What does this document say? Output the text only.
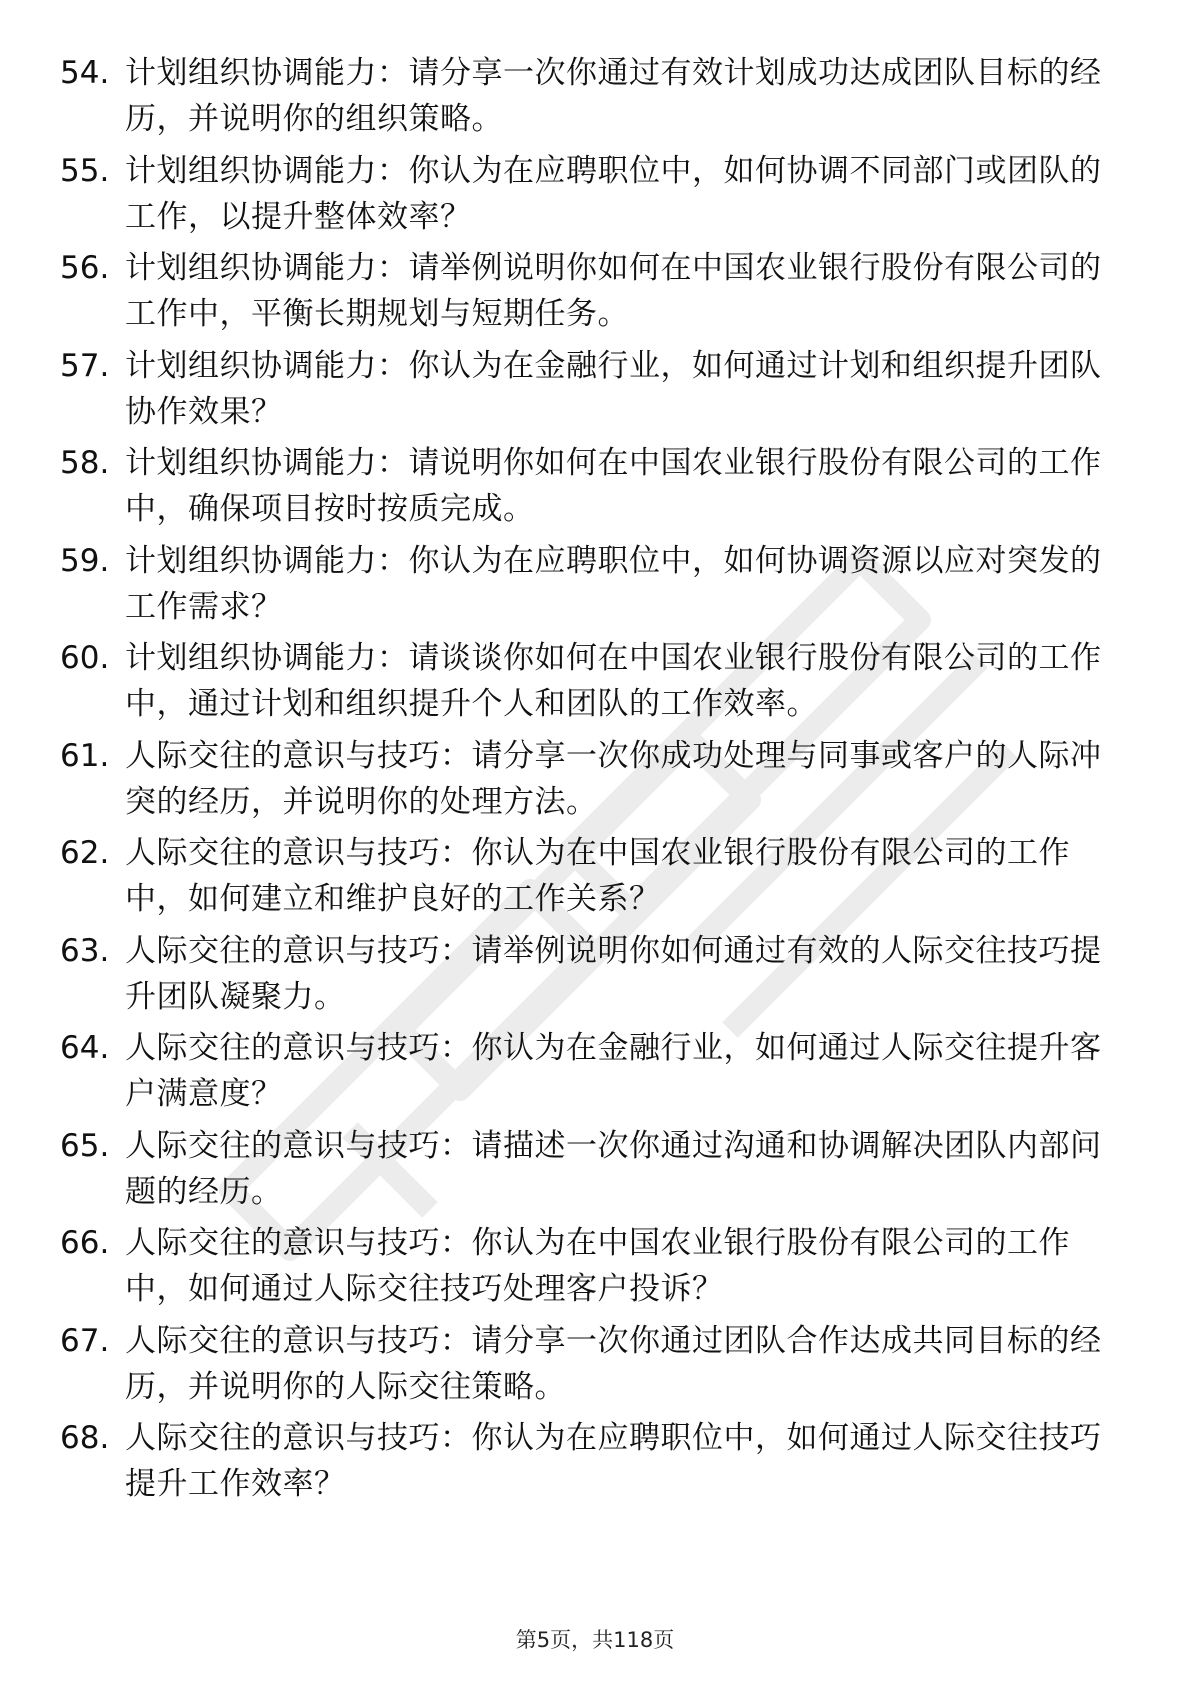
54. 计划组织协调能力：请分享一次你通过有效计划成功达成团队目标的经历，并说明你的组织策略。
55. 计划组织协调能力：你认为在应聘职位中，如何协调不同部门或团队的工作，以提升整体效率？
56. 计划组织协调能力：请举例说明你如何在中国农业银行股份有限公司的工作中，平衡长期规划与短期任务。
57. 计划组织协调能力：你认为在金融行业，如何通过计划和组织提升团队协作效果？
58. 计划组织协调能力：请说明你如何在中国农业银行股份有限公司的工作中，确保项目按时按质完成。
59. 计划组织协调能力：你认为在应聘职位中，如何协调资源以应对突发的工作需求？
60. 计划组织协调能力：请谈谈你如何在中国农业银行股份有限公司的工作中，通过计划和组织提升个人和团队的工作效率。
61. 人际交往的意识与技巧：请分享一次你成功处理与同事或客户的人际冲突的经历，并说明你的处理方法。
62. 人际交往的意识与技巧：你认为在中国农业银行股份有限公司的工作中，如何建立和维护良好的工作关系？
63. 人际交往的意识与技巧：请举例说明你如何通过有效的人际交往技巧提升团队凝聚力。
64. 人际交往的意识与技巧：你认为在金融行业，如何通过人际交往提升客户满意度？
65. 人际交往的意识与技巧：请描述一次你通过沟通和协调解决团队内部问题的经历。
66. 人际交往的意识与技巧：你认为在中国农业银行股份有限公司的工作中，如何通过人际交往技巧处理客户投诉？
67. 人际交往的意识与技巧：请分享一次你通过团队合作达成共同目标的经历，并说明你的人际交往策略。
68. 人际交往的意识与技巧：你认为在应聘职位中，如何通过人际交往技巧提升工作效率？
第5页，共118页
